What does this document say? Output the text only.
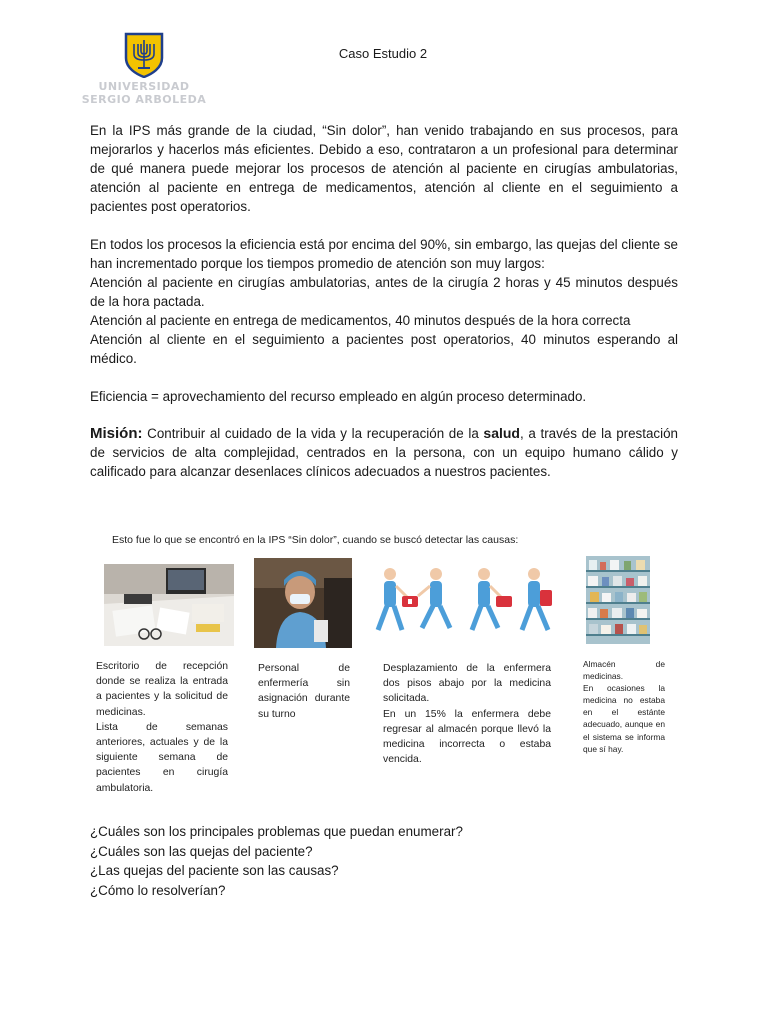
UNIVERSIDAD
SERGIO ARBOLEDA
Caso Estudio 2

En la IPS más grande de la ciudad, “Sin dolor”, han venido trabajando en sus procesos, para mejorarlos y hacerlos más eficientes. Debido a eso, contrataron a un profesional para determinar de qué manera puede mejorar los procesos de atención al paciente en cirugías ambulatorias, atención al paciente en entrega de medicamentos, atención al cliente en el seguimiento a pacientes post operatorios.

En todos los procesos la eficiencia está por encima del 90%, sin embargo, las quejas del cliente se han incrementado porque los tiempos promedio de atención son muy largos:

Atención al paciente en cirugías ambulatorias, antes de la cirugía 2 horas y 45 minutos después de la hora pactada.

Atención al paciente en entrega de medicamentos, 40 minutos después de la hora correcta

Atención al cliente en el seguimiento a pacientes post operatorios, 40 minutos esperando al médico.

Eficiencia = aprovechamiento del recurso empleado en algún proceso determinado.

Misión: Contribuir al cuidado de la vida y la recuperación de la salud, a través de la prestación de servicios de alta complejidad, centrados en la persona, con un equipo humano cálido y calificado para alcanzar desenlaces clínicos adecuados a nuestros pacientes.

Esto fue lo que se encontró en la IPS “Sin dolor”, cuando se buscó detectar las causas:

Escritorio de recepción donde se realiza la entrada a pacientes y la solicitud de medicinas.

Lista de semanas anteriores, actuales y de la siguiente semana de pacientes en cirugía ambulatoria.

Personal de enfermería sin asignación durante su turno

Desplazamiento de la enfermera dos pisos abajo por la medicina solicitada.

En un 15% la enfermera debe regresar al almacén porque llevó la medicina incorrecta o estaba vencida.

Almacén de medicinas.

En ocasiones la medicina no estaba en el estánte adecuado, aunque en el sistema se informa que sí hay.

¿Cuáles son los principales problemas que puedan enumerar?
¿Cuáles son las quejas del paciente?
¿Las quejas del paciente son las causas?
¿Cómo lo resolverían?
